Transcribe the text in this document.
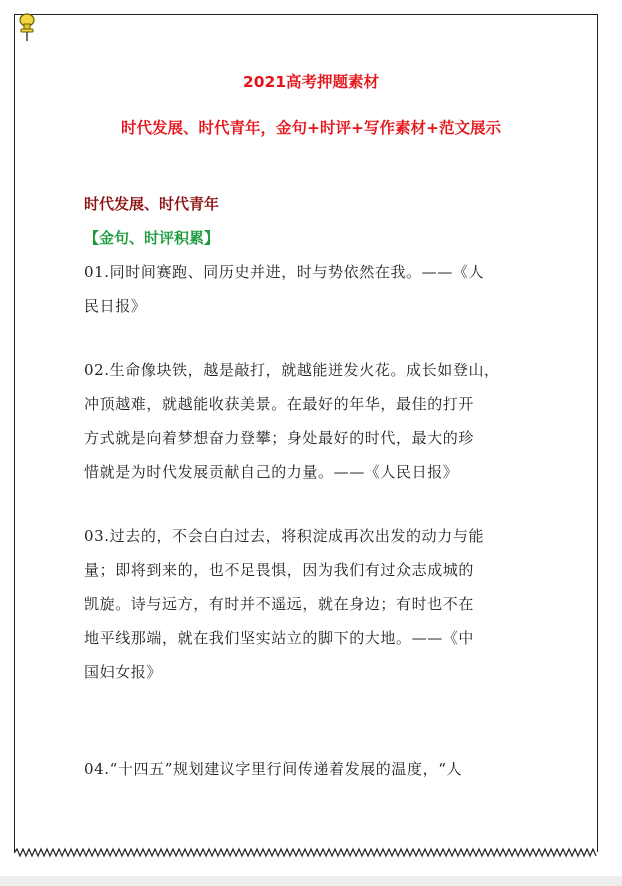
2021高考押题素材
时代发展、时代青年，金句+时评+写作素材+范文展示
时代发展、时代青年
【金句、时评积累】
01.同时间赛跑、同历史并进，时与势依然在我。——《人
民日报》
02.生命像块铁，越是敲打，就越能迸发火花。成长如登山，
冲顶越难，就越能收获美景。在最好的年华，最佳的打开
方式就是向着梦想奋力登攀；身处最好的时代，最大的珍
惜就是为时代发展贡献自己的力量。——《人民日报》
03.过去的，不会白白过去，将积淀成再次出发的动力与能
量；即将到来的，也不足畏惧，因为我们有过众志成城的
凯旋。诗与远方，有时并不遥远，就在身边；有时也不在
地平线那端，就在我们坚实站立的脚下的大地。——《中
国妇女报》
04.“十四五”规划建议字里行间传递着发展的温度，“人
